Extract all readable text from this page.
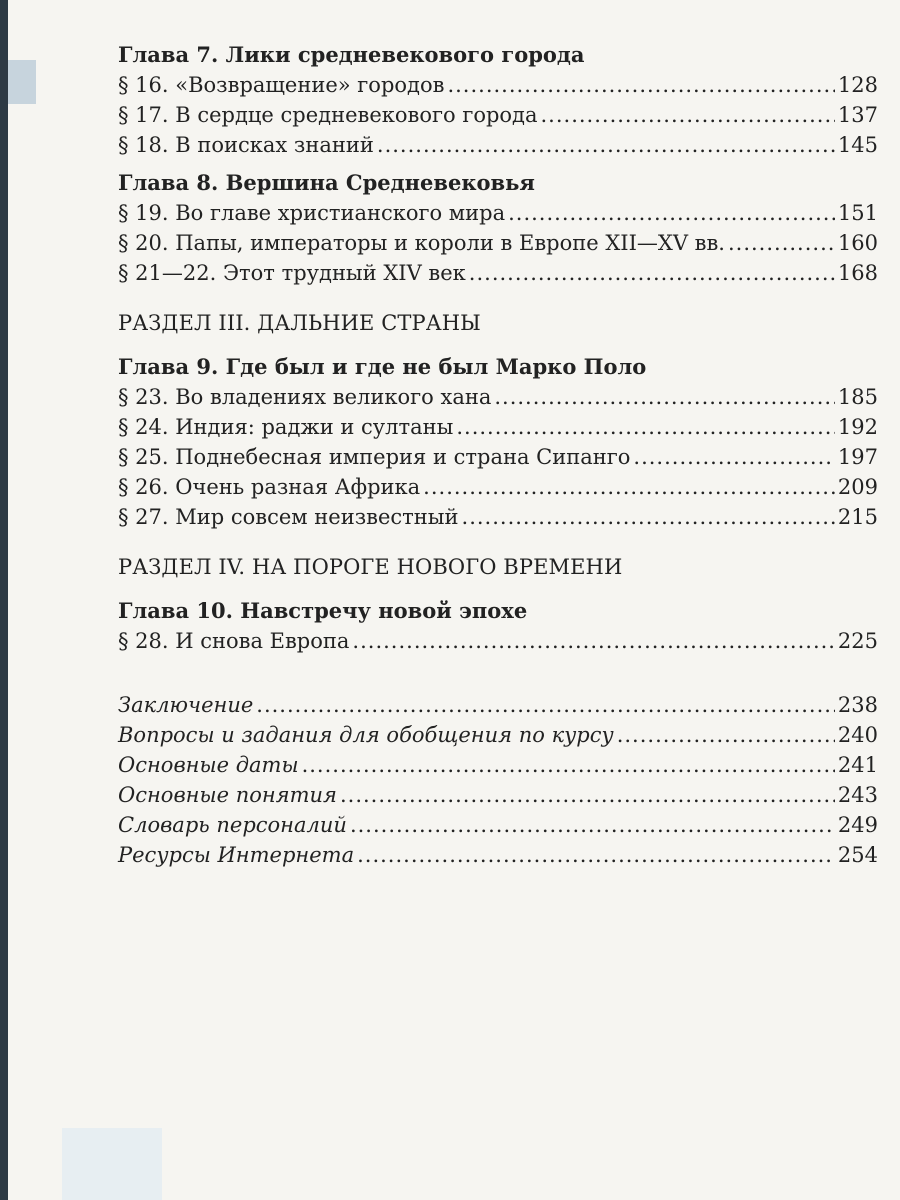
Глава 7. Лики средневекового города
§ 16. «Возвращение» городов .....	128
§ 17. В сердце средневекового города .....	137
§ 18. В поисках знаний .....	145
Глава 8. Вершина Средневековья
§ 19. Во главе христианского мира .....	151
§ 20. Папы, императоры и короли в Европе XII—XV вв. .....	160
§ 21—22. Этот трудный XIV век .....	168
РАЗДЕЛ III. ДАЛЬНИЕ СТРАНЫ
Глава 9. Где был и где не был Марко Поло
§ 23. Во владениях великого хана .....	185
§ 24. Индия: раджи и султаны .....	192
§ 25. Поднебесная империя и страна Сипанго .....	197
§ 26. Очень разная Африка .....	209
§ 27. Мир совсем неизвестный .....	215
РАЗДЕЛ IV. НА ПОРОГЕ НОВОГО ВРЕМЕНИ
Глава 10. Навстречу новой эпохе
§ 28. И снова Европа .....	225
Заключение .....	238
Вопросы и задания для обобщения по курсу .....	240
Основные даты .....	241
Основные понятия .....	243
Словарь персоналий .....	249
Ресурсы Интернета .....	254
